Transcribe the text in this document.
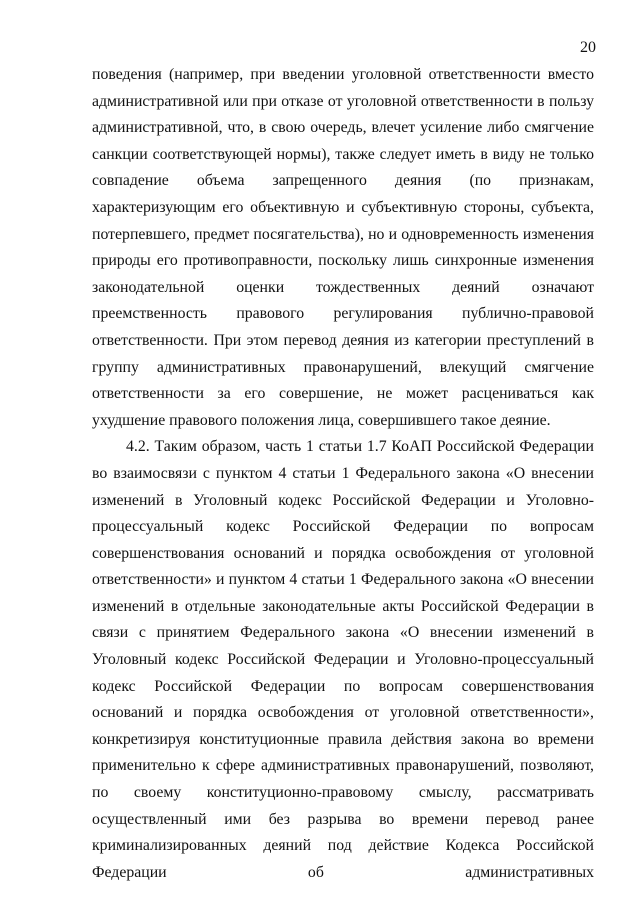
20

поведения (например, при введении уголовной ответственности вместо административной или при отказе от уголовной ответственности в пользу административной, что, в свою очередь, влечет усиление либо смягчение санкции соответствующей нормы), также следует иметь в виду не только совпадение объема запрещенного деяния (по признакам, характеризующим его объективную и субъективную стороны, субъекта, потерпевшего, предмет посягательства), но и одновременность изменения природы его противоправности, поскольку лишь синхронные изменения законодательной оценки тождественных деяний означают преемственность правового регулирования публично-правовой ответственности. При этом перевод деяния из категории преступлений в группу административных правонарушений, влекущий смягчение ответственности за его совершение, не может расцениваться как ухудшение правового положения лица, совершившего такое деяние.

4.2. Таким образом, часть 1 статьи 1.7 КоАП Российской Федерации во взаимосвязи с пунктом 4 статьи 1 Федерального закона «О внесении изменений в Уголовный кодекс Российской Федерации и Уголовно-процессуальный кодекс Российской Федерации по вопросам совершенствования оснований и порядка освобождения от уголовной ответственности» и пунктом 4 статьи 1 Федерального закона «О внесении изменений в отдельные законодательные акты Российской Федерации в связи с принятием Федерального закона «О внесении изменений в Уголовный кодекс Российской Федерации и Уголовно-процессуальный кодекс Российской Федерации по вопросам совершенствования оснований и порядка освобождения от уголовной ответственности», конкретизируя конституционные правила действия закона во времени применительно к сфере административных правонарушений, позволяют, по своему конституционно-правовому смыслу, рассматривать осуществленный ими без разрыва во времени перевод ранее криминализированных деяний под действие Кодекса Российской Федерации об административных
